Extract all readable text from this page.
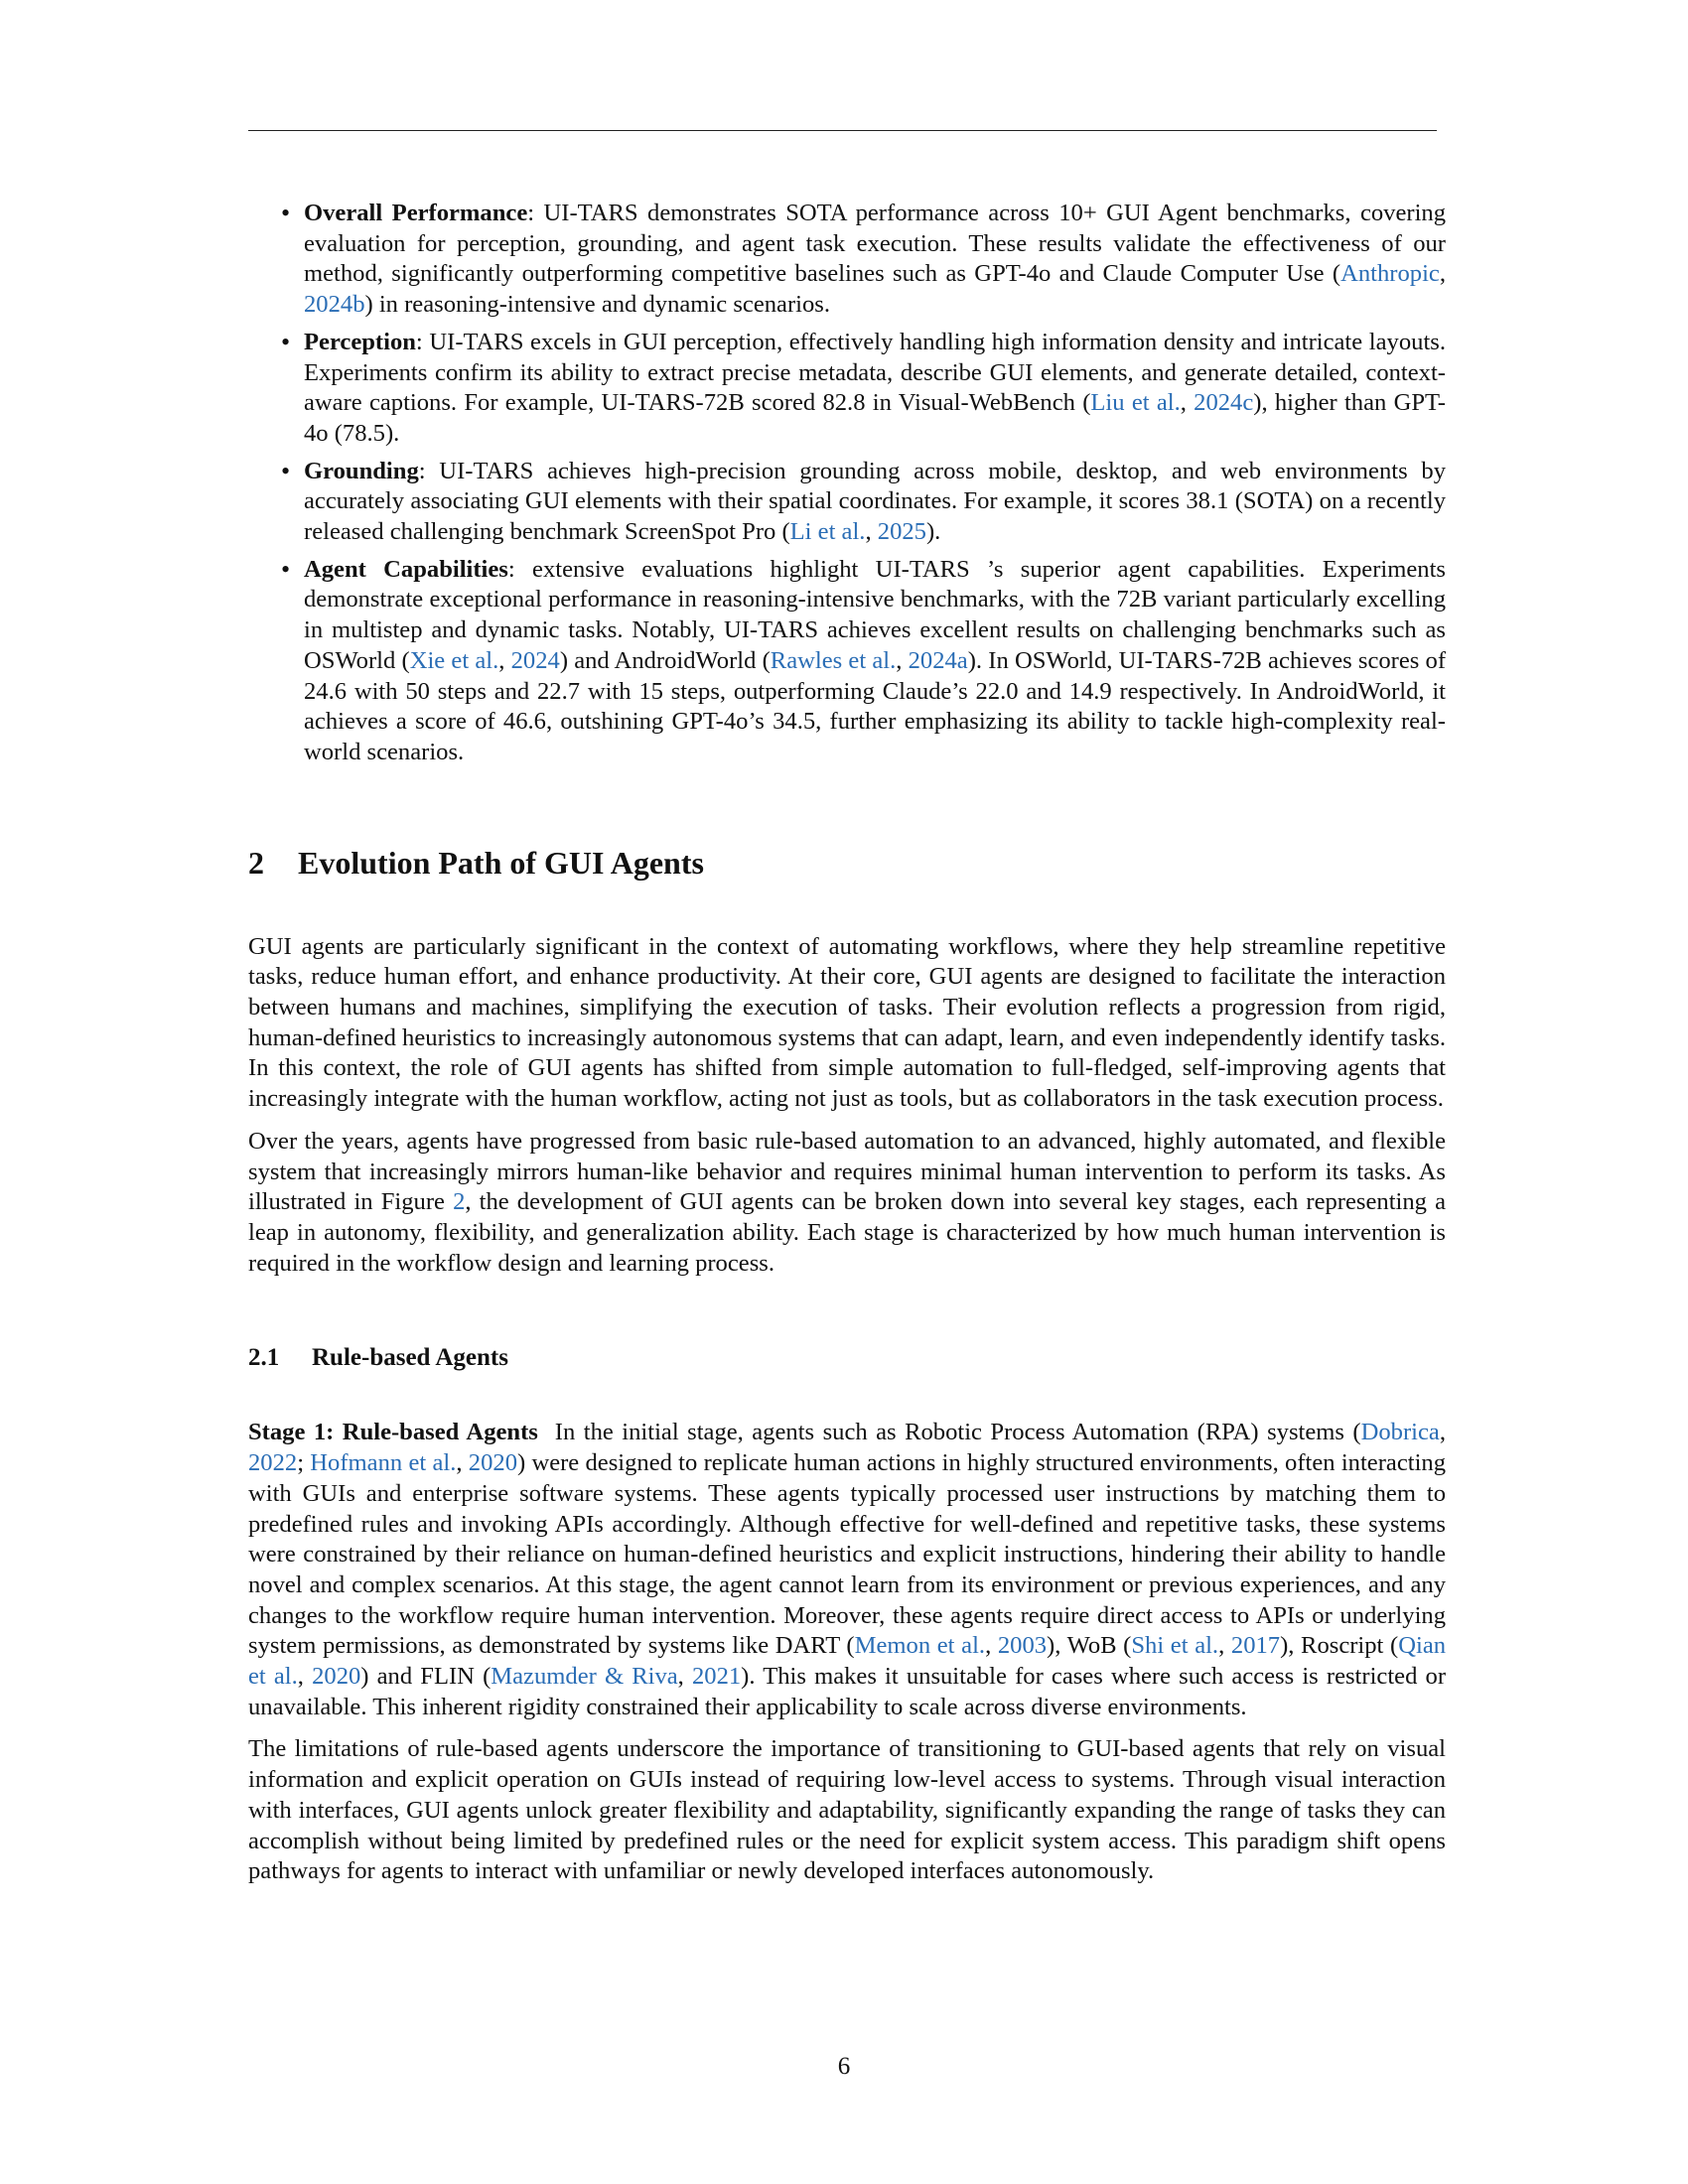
• Overall Performance: UI-TARS demonstrates SOTA performance across 10+ GUI Agent benchmarks, covering evaluation for perception, grounding, and agent task execution. These results validate the effectiveness of our method, significantly outperforming competitive baselines such as GPT-4o and Claude Computer Use (Anthropic, 2024b) in reasoning-intensive and dynamic scenarios.
• Perception: UI-TARS excels in GUI perception, effectively handling high information density and intricate layouts. Experiments confirm its ability to extract precise metadata, describe GUI elements, and generate detailed, context-aware captions. For example, UI-TARS-72B scored 82.8 in Visual-WebBench (Liu et al., 2024c), higher than GPT-4o (78.5).
• Grounding: UI-TARS achieves high-precision grounding across mobile, desktop, and web environments by accurately associating GUI elements with their spatial coordinates. For example, it scores 38.1 (SOTA) on a recently released challenging benchmark ScreenSpot Pro (Li et al., 2025).
• Agent Capabilities: extensive evaluations highlight UI-TARS ’s superior agent capabilities. Experiments demonstrate exceptional performance in reasoning-intensive benchmarks, with the 72B variant particularly excelling in multistep and dynamic tasks. Notably, UI-TARS achieves excellent results on challenging benchmarks such as OSWorld (Xie et al., 2024) and AndroidWorld (Rawles et al., 2024a). In OSWorld, UI-TARS-72B achieves scores of 24.6 with 50 steps and 22.7 with 15 steps, outperforming Claude’s 22.0 and 14.9 respectively. In AndroidWorld, it achieves a score of 46.6, outshining GPT-4o’s 34.5, further emphasizing its ability to tackle high-complexity real-world scenarios.
2 Evolution Path of GUI Agents

GUI agents are particularly significant in the context of automating workflows, where they help streamline repetitive tasks, reduce human effort, and enhance productivity. At their core, GUI agents are designed to facilitate the interaction between humans and machines, simplifying the execution of tasks. Their evolution reflects a progression from rigid, human-defined heuristics to increasingly autonomous systems that can adapt, learn, and even independently identify tasks. In this context, the role of GUI agents has shifted from simple automation to full-fledged, self-improving agents that increasingly integrate with the human workflow, acting not just as tools, but as collaborators in the task execution process.

Over the years, agents have progressed from basic rule-based automation to an advanced, highly automated, and flexible system that increasingly mirrors human-like behavior and requires minimal human intervention to perform its tasks. As illustrated in Figure 2, the development of GUI agents can be broken down into several key stages, each representing a leap in autonomy, flexibility, and generalization ability. Each stage is characterized by how much human intervention is required in the workflow design and learning process.

2.1 Rule-based Agents

Stage 1: Rule-based Agents  In the initial stage, agents such as Robotic Process Automation (RPA) systems (Dobrica, 2022; Hofmann et al., 2020) were designed to replicate human actions in highly structured environments, often interacting with GUIs and enterprise software systems. These agents typically processed user instructions by matching them to predefined rules and invoking APIs accordingly. Although effective for well-defined and repetitive tasks, these systems were constrained by their reliance on human-defined heuristics and explicit instructions, hindering their ability to handle novel and complex scenarios. At this stage, the agent cannot learn from its environment or previous experiences, and any changes to the workflow require human intervention. Moreover, these agents require direct access to APIs or underlying system permissions, as demonstrated by systems like DART (Memon et al., 2003), WoB (Shi et al., 2017), Roscript (Qian et al., 2020) and FLIN (Mazumder & Riva, 2021). This makes it unsuitable for cases where such access is restricted or unavailable. This inherent rigidity constrained their applicability to scale across diverse environments.

The limitations of rule-based agents underscore the importance of transitioning to GUI-based agents that rely on visual information and explicit operation on GUIs instead of requiring low-level access to systems. Through visual interaction with interfaces, GUI agents unlock greater flexibility and adaptability, significantly expanding the range of tasks they can accomplish without being limited by predefined rules or the need for explicit system access. This paradigm shift opens pathways for agents to interact with unfamiliar or newly developed interfaces autonomously.

6
